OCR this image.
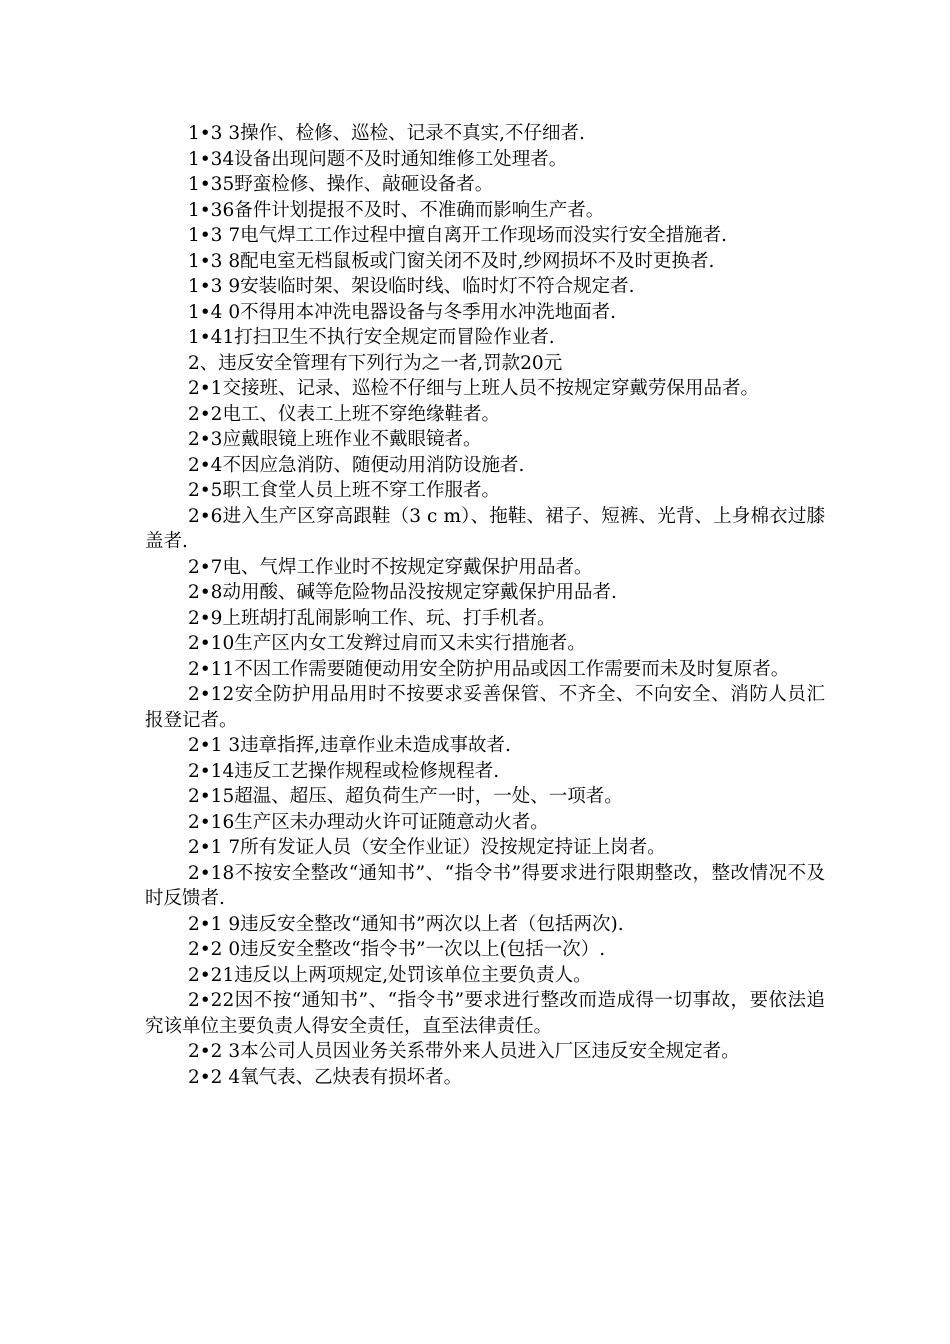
1•3 3操作、检修、巡检、记录不真实,不仔细者.

1•34设备出现问题不及时通知维修工处理者。

1•35野蛮检修、操作、敲砸设备者。

1•36备件计划提报不及时、不准确而影响生产者。

1•3 7电气焊工工作过程中擅自离开工作现场而没实行安全措施者.

1•3 8配电室无档鼠板或门窗关闭不及时,纱网损坏不及时更换者.

1•3 9安装临时架、架设临时线、临时灯不符合规定者.

1•4 0不得用本冲洗电器设备与冬季用水冲洗地面者.

1•41打扫卫生不执行安全规定而冒险作业者.

2、违反安全管理有下列行为之一者,罚款20元

2•1交接班、记录、巡检不仔细与上班人员不按规定穿戴劳保用品者。

2•2电工、仪表工上班不穿绝缘鞋者。

2•3应戴眼镜上班作业不戴眼镜者。

2•4不因应急消防、随便动用消防设施者.

2•5职工食堂人员上班不穿工作服者。

2•6进入生产区穿高跟鞋（3 c m）、拖鞋、裙子、短裤、光背、上身棉衣过膝盖者.

2•7电、气焊工作业时不按规定穿戴保护用品者。

2•8动用酸、碱等危险物品没按规定穿戴保护用品者.

2•9上班胡打乱闹影响工作、玩、打手机者。

2•10生产区内女工发辫过肩而又未实行措施者。

2•11不因工作需要随便动用安全防护用品或因工作需要而未及时复原者。

2•12安全防护用品用时不按要求妥善保管、不齐全、不向安全、消防人员汇报登记者。

2•1 3违章指挥,违章作业未造成事故者.

2•14违反工艺操作规程或检修规程者.

2•15超温、超压、超负荷生产一时，一处、一项者。

2•16生产区未办理动火许可证随意动火者。

2•1 7所有发证人员（安全作业证）没按规定持证上岗者。

2•18不按安全整改“通知书”、“指令书”得要求进行限期整改，整改情况不及时反馈者.

2•1 9违反安全整改“通知书”两次以上者（包括两次).

2•2 0违反安全整改“指令书”一次以上(包括一次）.

2•21违反以上两项规定,处罚该单位主要负责人。

2•22因不按“通知书”、“指令书”要求进行整改而造成得一切事故，要依法追究该单位主要负责人得安全责任，直至法律责任。

2•2 3本公司人员因业务关系带外来人员进入厂区违反安全规定者。

2•2 4氧气表、乙炔表有损坏者。
